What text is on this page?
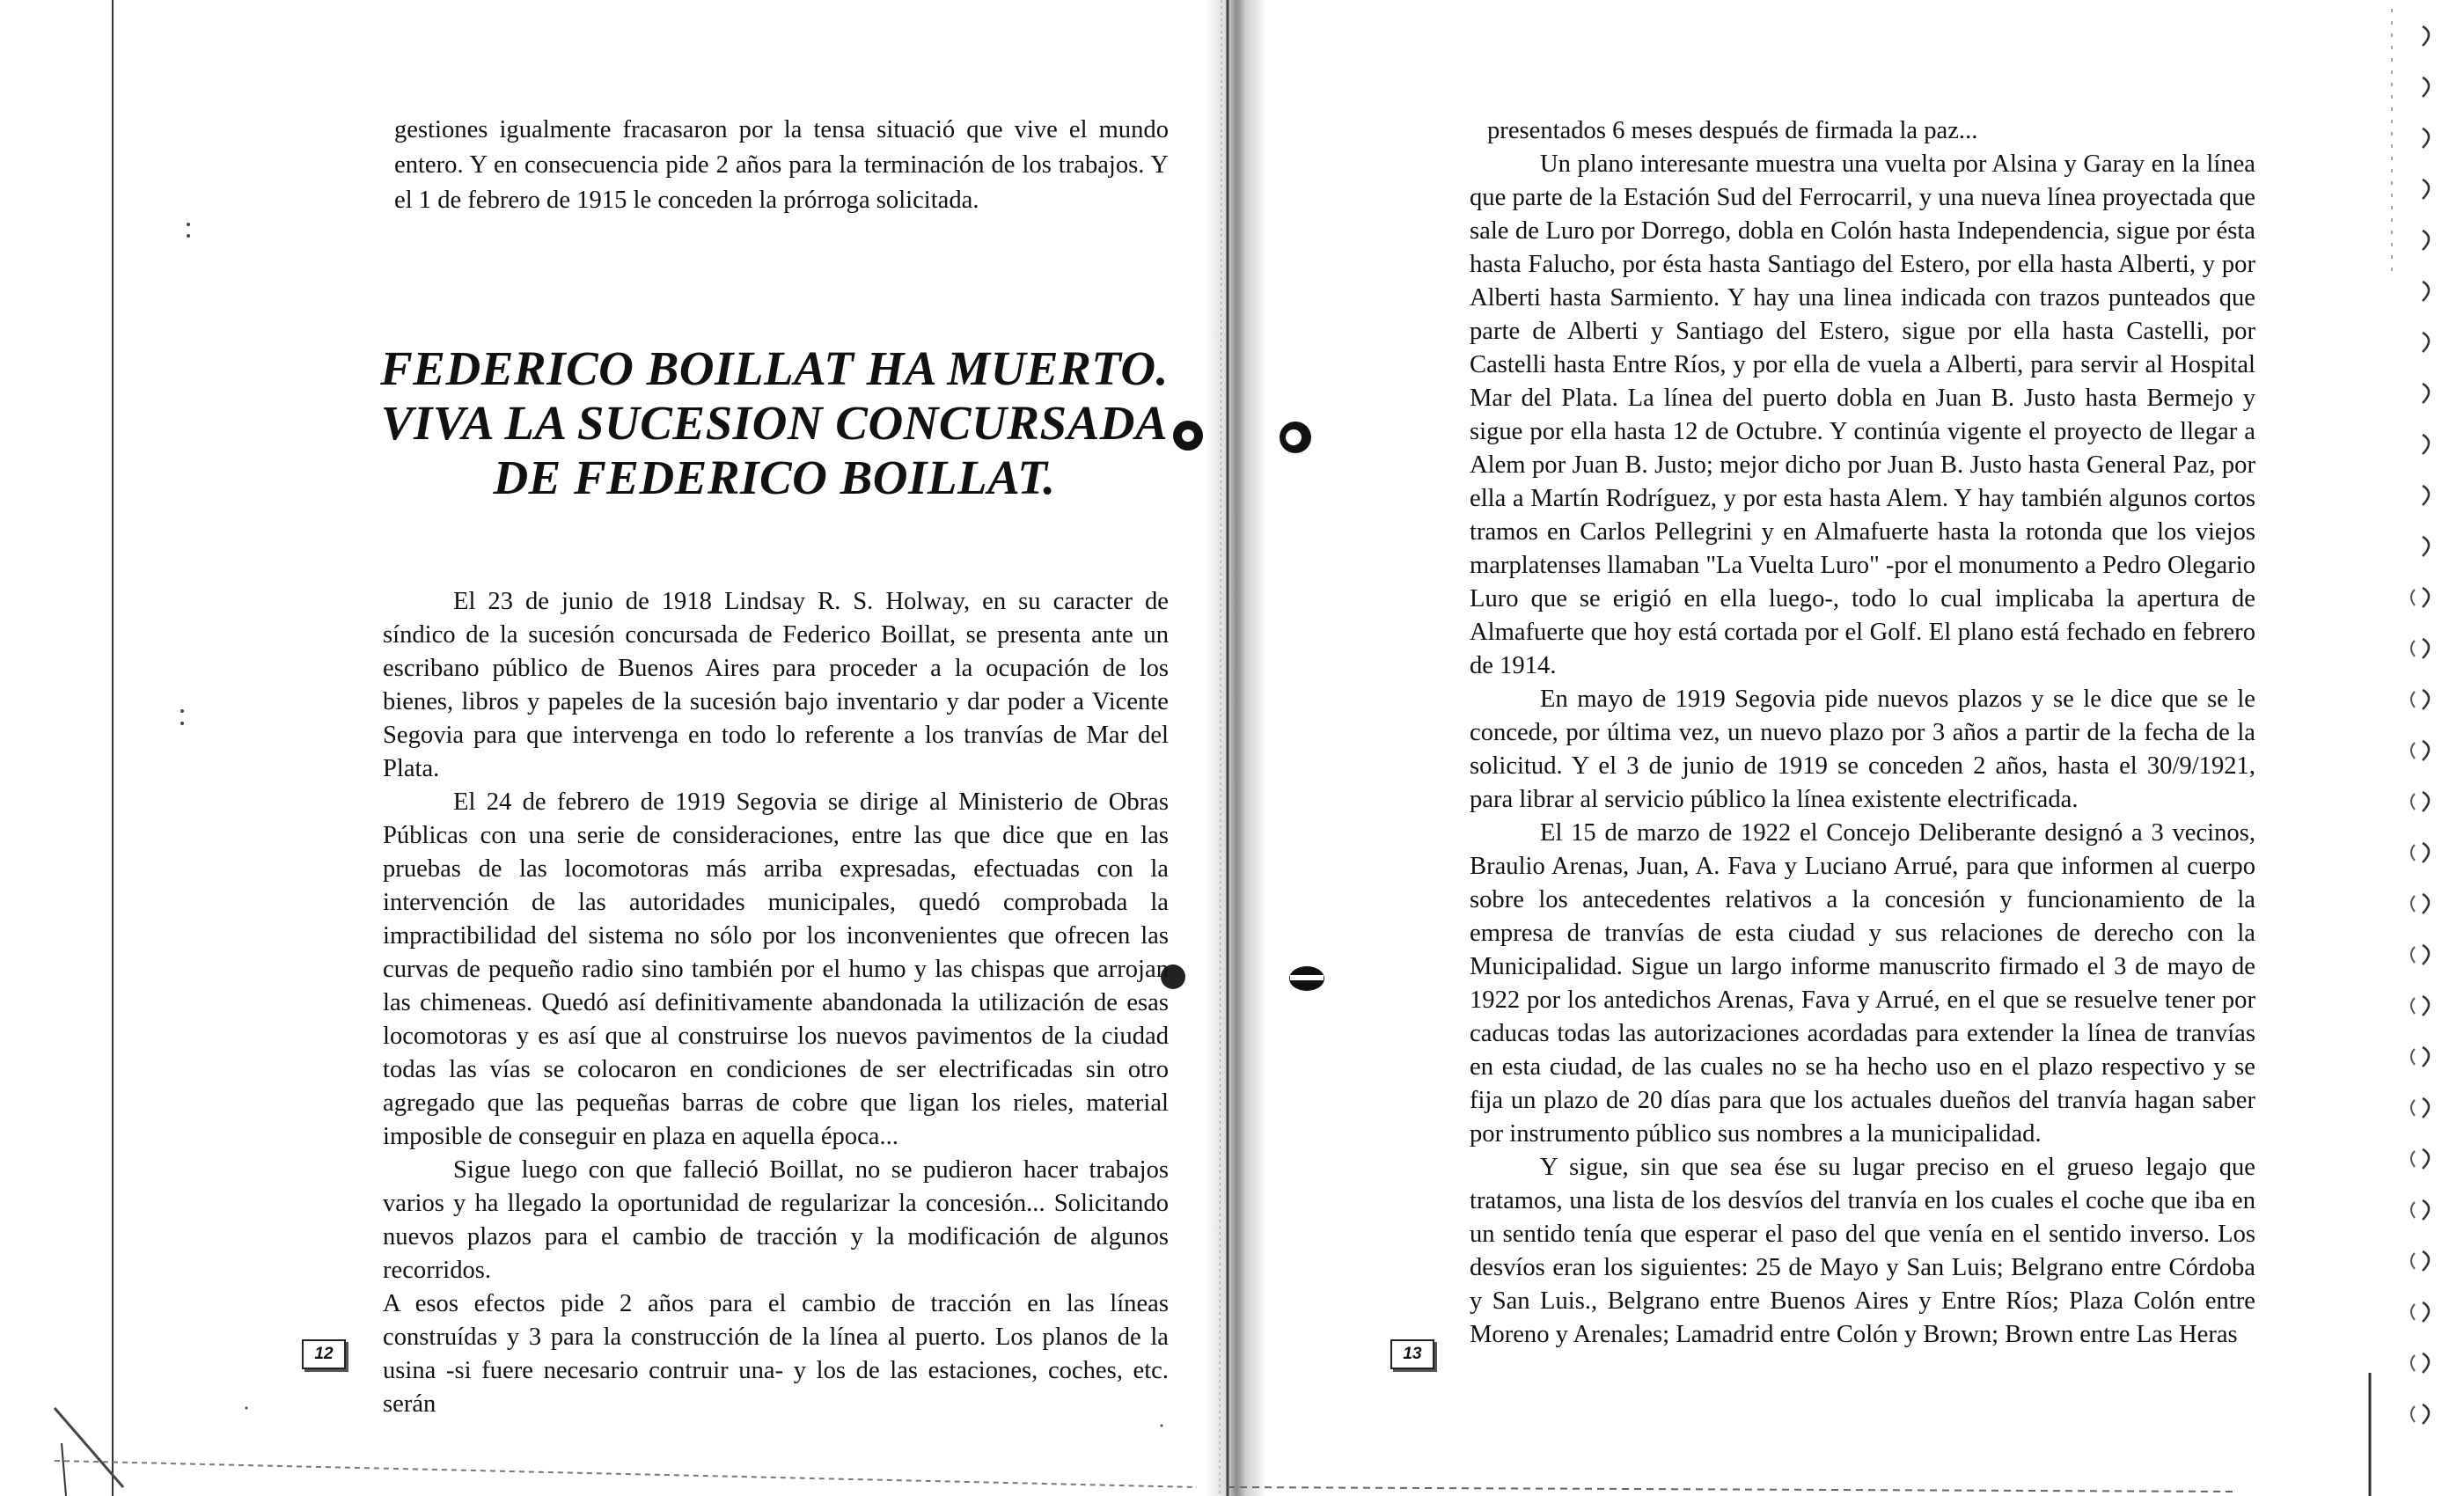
gestiones igualmente fracasaron por la tensa situació que vive el mundo entero. Y en consecuencia pide 2 años para la terminación de los trabajos. Y el 1 de febrero de 1915 le conceden la prórroga solicitada.

FEDERICO BOILLAT HA MUERTO.
VIVA LA SUCESION CONCURSADA
DE FEDERICO BOILLAT.

El 23 de junio de 1918 Lindsay R. S. Holway, en su caracter de síndico de la sucesión concursada de Federico Boillat, se presenta ante un escribano público de Buenos Aires para proceder a la ocupación de los bienes, libros y papeles de la sucesión bajo inventario y dar poder a Vicente Segovia para que intervenga en todo lo referente a los tranvías de Mar del Plata.

El 24 de febrero de 1919 Segovia se dirige al Ministerio de Obras Públicas con una serie de consideraciones, entre las que dice que en las pruebas de las locomotoras más arriba expresadas, efectuadas con la intervención de las autoridades municipales, quedó comprobada la impractibilidad del sistema no sólo por los inconvenientes que ofrecen las curvas de pequeño radio sino también por el humo y las chispas que arrojan las chimeneas. Quedó así definitivamente abandonada la utilización de esas locomotoras y es así que al construirse los nuevos pavimentos de la ciudad todas las vías se colocaron en condiciones de ser electrificadas sin otro agregado que las pequeñas barras de cobre que ligan los rieles, material imposible de conseguir en plaza en aquella época...

Sigue luego con que falleció Boillat, no se pudieron hacer trabajos varios y ha llegado la oportunidad de regularizar la concesión... Solicitando nuevos plazos para el cambio de tracción y la modificación de algunos recorridos.

A esos efectos pide 2 años para el cambio de tracción en las líneas construídas y 3 para la construcción de la línea al puerto. Los planos de la usina -si fuere necesario contruir una- y los de las estaciones, coches, etc. serán

12

presentados 6 meses después de firmada la paz...

Un plano interesante muestra una vuelta por Alsina y Garay en la línea que parte de la Estación Sud del Ferrocarril, y una nueva línea proyectada que sale de Luro por Dorrego, dobla en Colón hasta Independencia, sigue por ésta hasta Falucho, por ésta hasta Santiago del Estero, por ella hasta Alberti, y por Alberti hasta Sarmiento. Y hay una linea indicada con trazos punteados que parte de Alberti y Santiago del Estero, sigue por ella hasta Castelli, por Castelli hasta Entre Ríos, y por ella de vuela a Alberti, para servir al Hospital Mar del Plata. La línea del puerto dobla en Juan B. Justo hasta Bermejo y sigue por ella hasta 12 de Octubre. Y continúa vigente el proyecto de llegar a Alem por Juan B. Justo; mejor dicho por Juan B. Justo hasta General Paz, por ella a Martín Rodríguez, y por esta hasta Alem. Y hay también algunos cortos tramos en Carlos Pellegrini y en Almafuerte hasta la rotonda que los viejos marplatenses llamaban "La Vuelta Luro" -por el monumento a Pedro Olegario Luro que se erigió en ella luego-, todo lo cual implicaba la apertura de Almafuerte que hoy está cortada por el Golf. El plano está fechado en febrero de 1914.

En mayo de 1919 Segovia pide nuevos plazos y se le dice que se le concede, por última vez, un nuevo plazo por 3 años a partir de la fecha de la solicitud. Y el 3 de junio de 1919 se conceden 2 años, hasta el 30/9/1921, para librar al servicio público la línea existente electrificada.

El 15 de marzo de 1922 el Concejo Deliberante designó a 3 vecinos, Braulio Arenas, Juan, A. Fava y Luciano Arrué, para que informen al cuerpo sobre los antecedentes relativos a la concesión y funcionamiento de la empresa de tranvías de esta ciudad y sus relaciones de derecho con la Municipalidad. Sigue un largo informe manuscrito firmado el 3 de mayo de 1922 por los antedichos Arenas, Fava y Arrué, en el que se resuelve tener por caducas todas las autorizaciones acordadas para extender la línea de tranvías en esta ciudad, de las cuales no se ha hecho uso en el plazo respectivo y se fija un plazo de 20 días para que los actuales dueños del tranvía hagan saber por instrumento público sus nombres a la municipalidad.

Y sigue, sin que sea ése su lugar preciso en el grueso legajo que tratamos, una lista de los desvíos del tranvía en los cuales el coche que iba en un sentido tenía que esperar el paso del que venía en el sentido inverso. Los desvíos eran los siguientes: 25 de Mayo y San Luis; Belgrano entre Córdoba y San Luis., Belgrano entre Buenos Aires y Entre Ríos; Plaza Colón entre Moreno y Arenales; Lamadrid entre Colón y Brown; Brown entre Las Heras

13
